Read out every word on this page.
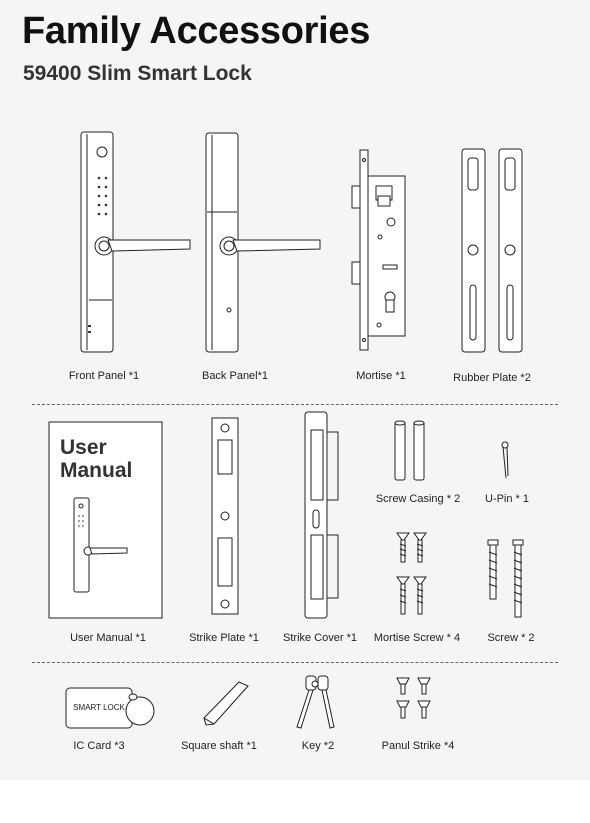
Family Accessories
59400 Slim Smart Lock
User
Manual
SMART LOCK
Front Panel *1	Back Panel*1	Mortise *1	Rubber Plate *2
Screw Casing * 2 U-Pin * 1
User Manual *1	Strike Plate *1 Strike Cover *1 Mortise Screw * 4 Screw * 2
IC Card *3	Square shaft *1	Key *2	Panul Strike *4
